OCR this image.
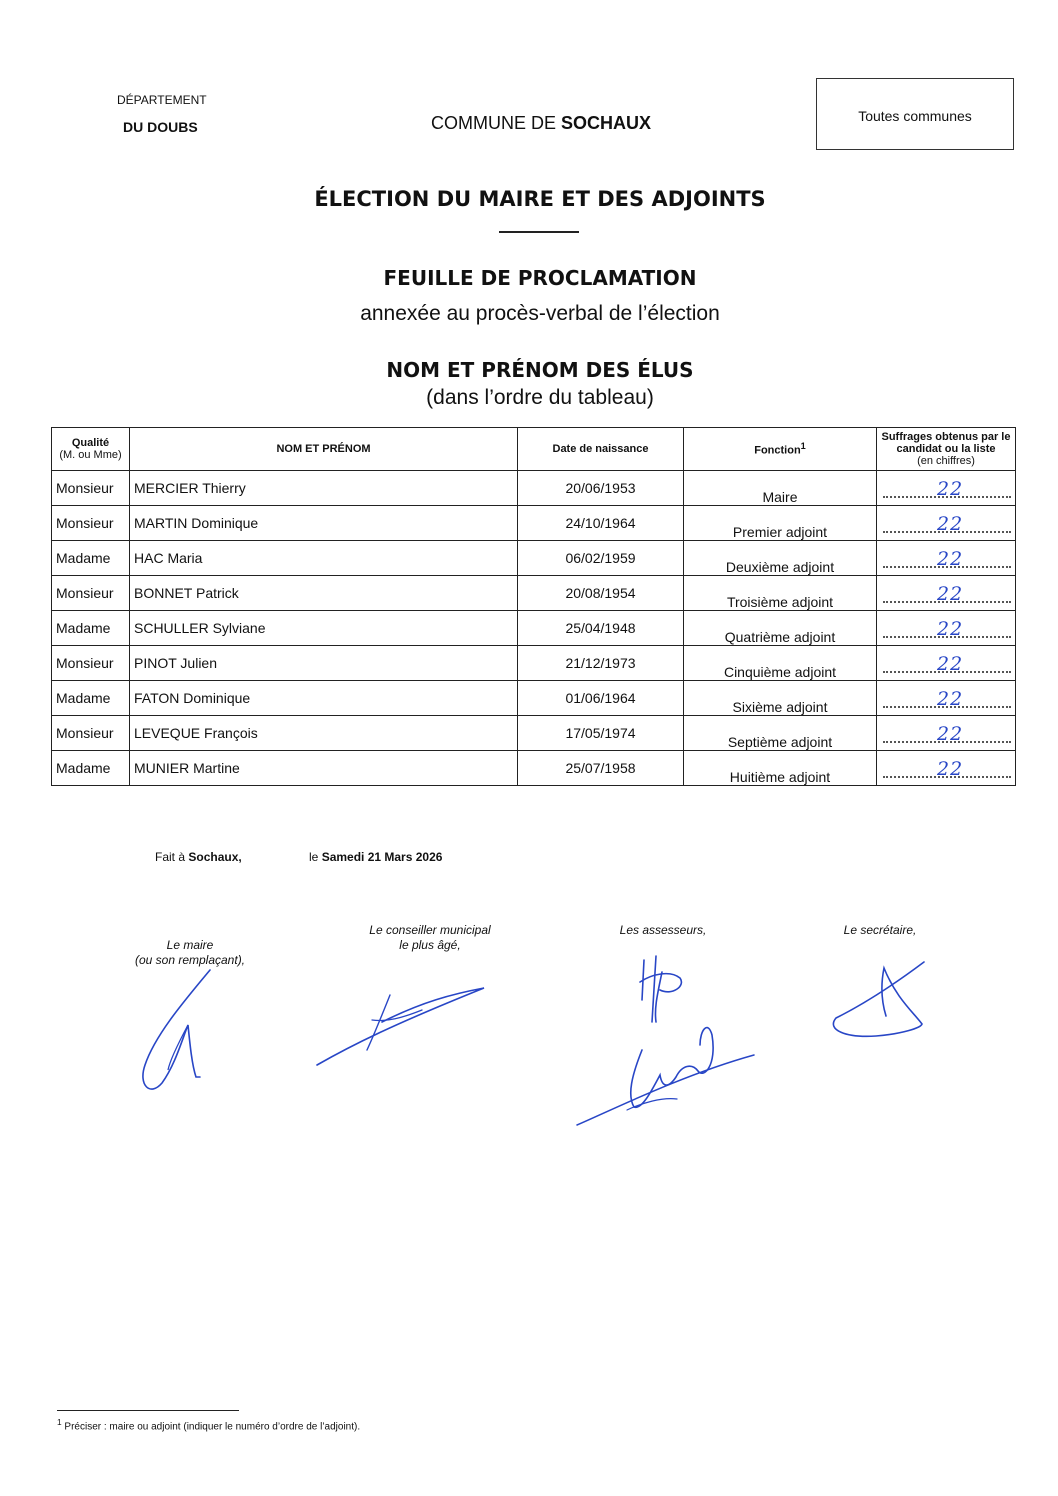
DÉPARTEMENT
DU DOUBS	COMMUNE DE SOCHAUX	Toutes communes
ÉLECTION DU MAIRE ET DES ADJOINTS
FEUILLE DE PROCLAMATION
annexée au procès-verbal de l’élection
NOM ET PRÉNOM DES ÉLUS
(dans l’ordre du tableau)
Qualité
(M. ou Mme)	NOM ET PRÉNOM	Date de naissance	Fonction$^1$	Suffrages obtenus par le candidat ou la liste
(en chiffres)
Monsieur	MERCIER Thierry	20/06/1953	Maire	22

Monsieur	MARTIN Dominique	24/10/1964	Premier adjoint	22

Madame	HAC Maria	06/02/1959	Deuxième adjoint	22

Monsieur	BONNET Patrick	20/08/1954	Troisième adjoint	22

Madame	SCHULLER Sylviane	25/04/1948	Quatrième adjoint	22

Monsieur	PINOT Julien	21/12/1973	Cinquième adjoint	22

Madame	FATON Dominique	01/06/1964	Sixième adjoint	22

Monsieur	LEVEQUE François	17/05/1974	Septième adjoint	22

Madame	MUNIER Martine	25/07/1958	Huitième adjoint	22
Fait à Sochaux,	le Samedi 21 Mars 2026
Le maire
(ou son remplaçant),
Le conseiller municipal
le plus âgé,
Les assesseurs,	Le secrétaire,
$^1$ Préciser : maire ou adjoint (indiquer le numéro d’ordre de l’adjoint).
